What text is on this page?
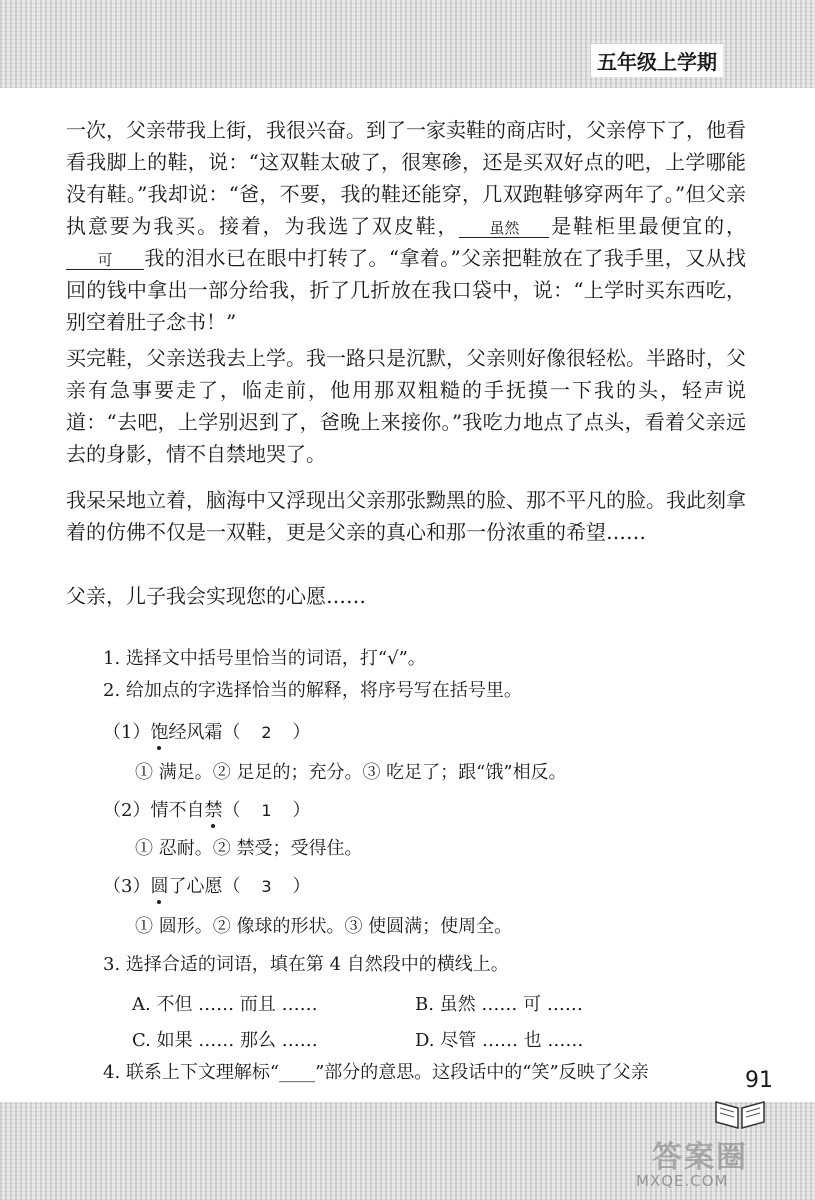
五年级上学期

一次，父亲带我上街，我很兴奋。到了一家卖鞋的商店时，父亲停下了，他看看我脚上的鞋，说：“这双鞋太破了，很寒碜，还是买双好点的吧，上学哪能没有鞋。”我却说：“爸，不要，我的鞋还能穿，几双跑鞋够穿两年了。”但父亲执意要为我买。接着，为我选了双皮鞋， 虽然 是鞋柜里最便宜的，可 我的泪水已在眼中打转了。“拿着。”父亲把鞋放在了我手里，又从找回的钱中拿出一部分给我，折了几折放在我口袋中，说：“上学时买东西吃，别空着肚子念书！”

买完鞋，父亲送我去上学。我一路只是沉默，父亲则好像很轻松。半路时，父亲有急事要走了，临走前，他用那双粗糙的手抚摸一下我的头，轻声说道：“去吧，上学别迟到了，爸晚上来接你。”我吃力地点了点头，看着父亲远去的身影，情不自禁地哭了。

我呆呆地立着，脑海中又浮现出父亲那张黝黑的脸、那不平凡的脸。我此刻拿着的仿佛不仅是一双鞋，更是父亲的真心和那一份浓重的希望……

父亲，儿子我会实现您的心愿……

1. 选择文中括号里恰当的词语，打“√”。
2. 给加点的字选择恰当的解释，将序号写在括号里。
（1）饱经风霜（ 2 ）
① 满足。② 足足的；充分。③ 吃足了；跟“饿”相反。
（2）情不自禁（ 1 ）
① 忍耐。② 禁受；受得住。
（3）圆了心愿（ 3 ）
① 圆形。② 像球的形状。③ 使圆满；使周全。
3. 选择合适的词语，填在第 4 自然段中的横线上。
A. 不但 …… 而且 ……	B. 虽然 …… 可 ……
C. 如果 …… 那么 ……	D. 尽管 …… 也 ……
4. 联系上下文理解标“____”部分的意思。这段话中的“笑”反映了父亲	91
答案圈
MXQE.COM
